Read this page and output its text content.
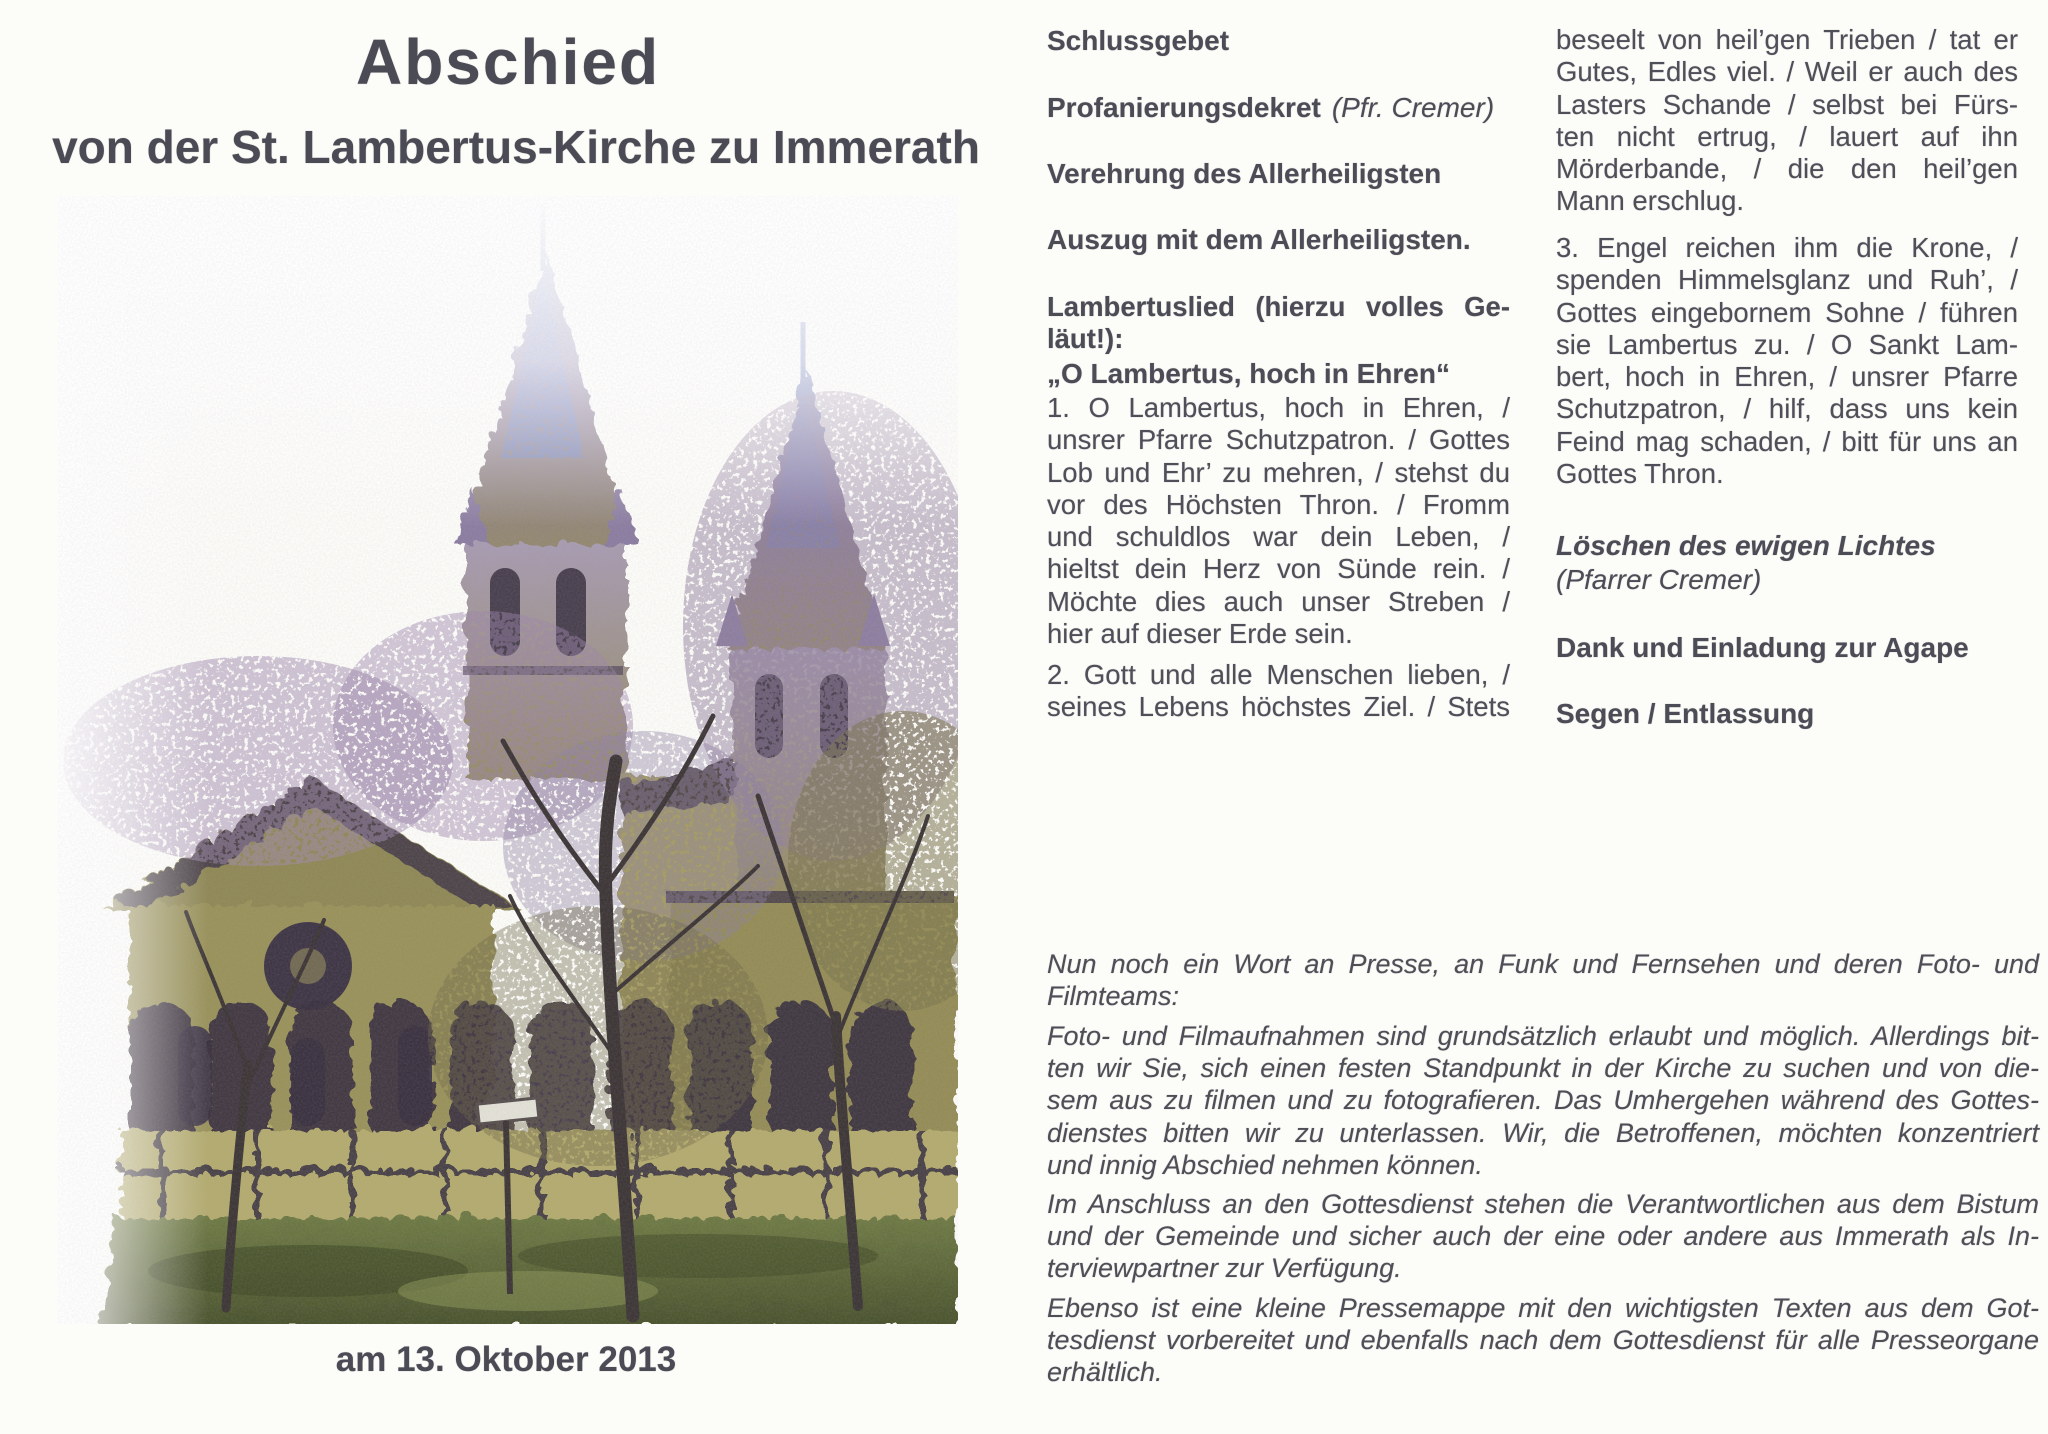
Abschied
von der St. Lambertus-Kirche zu Immerath
am 13. Oktober 2013
Schlussgebet
Profanierungsdekret (Pfr. Cremer)
Verehrung des Allerheiligsten
Auszug mit dem Allerheiligsten.
Lambertuslied (hierzu volles Ge-
läut!):
„O Lambertus, hoch in Ehren“
1. O Lambertus, hoch in Ehren, /
unsrer Pfarre Schutzpatron. / Gottes
Lob und Ehr’ zu mehren, / stehst du
vor des Höchsten Thron. / Fromm
und schuldlos war dein Leben, /
hieltst dein Herz von Sünde rein. /
Möchte dies auch unser Streben /
hier auf dieser Erde sein.
2. Gott und alle Menschen lieben, /
seines Lebens höchstes Ziel. / Stets
beseelt von heil’gen Trieben / tat er
Gutes, Edles viel. / Weil er auch des
Lasters Schande / selbst bei Fürs-
ten nicht ertrug, / lauert auf ihn
Mörderbande, / die den heil’gen
Mann erschlug.
3. Engel reichen ihm die Krone, /
spenden Himmelsglanz und Ruh’, /
Gottes eingebornem Sohne / führen
sie Lambertus zu. / O Sankt Lam-
bert, hoch in Ehren, / unsrer Pfarre
Schutzpatron, / hilf, dass uns kein
Feind mag schaden, / bitt für uns an
Gottes Thron.
Löschen des ewigen Lichtes
(Pfarrer Cremer)
Dank und Einladung zur Agape
Segen / Entlassung
Nun noch ein Wort an Presse, an Funk und Fernsehen und deren Foto- und
Filmteams:
Foto- und Filmaufnahmen sind grundsätzlich erlaubt und möglich. Allerdings bit-
ten wir Sie, sich einen festen Standpunkt in der Kirche zu suchen und von die-
sem aus zu filmen und zu fotografieren. Das Umhergehen während des Gottes-
dienstes bitten wir zu unterlassen. Wir, die Betroffenen, möchten konzentriert
und innig Abschied nehmen können.
Im Anschluss an den Gottesdienst stehen die Verantwortlichen aus dem Bistum
und der Gemeinde und sicher auch der eine oder andere aus Immerath als In-
terviewpartner zur Verfügung.
Ebenso ist eine kleine Pressemappe mit den wichtigsten Texten aus dem Got-
tesdienst vorbereitet und ebenfalls nach dem Gottesdienst für alle Presseorgane
erhältlich.
